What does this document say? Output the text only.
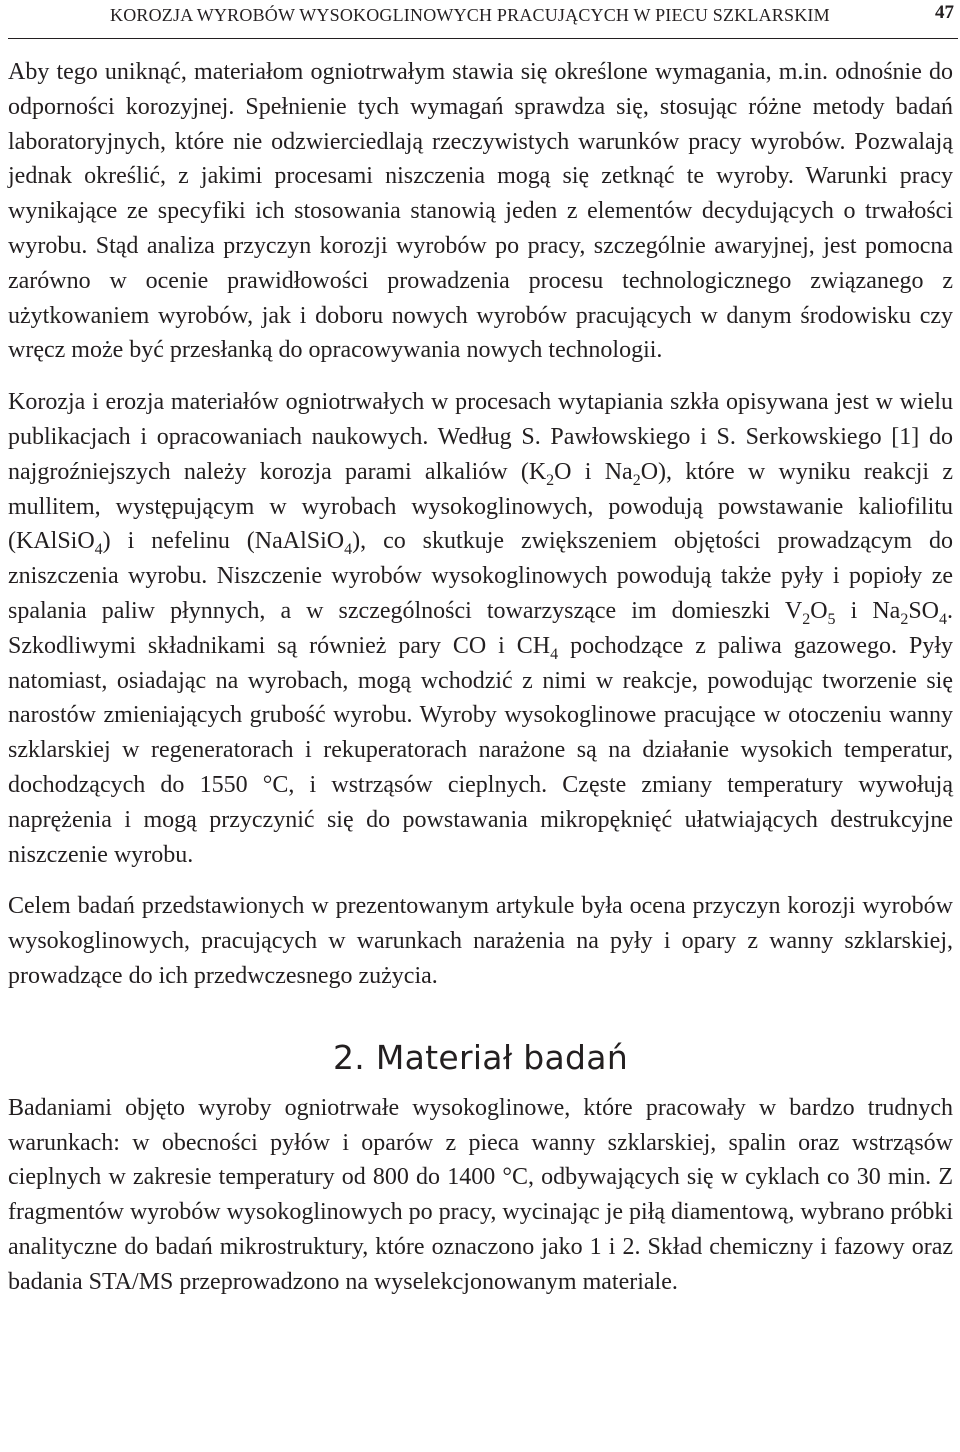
KOROZJA WYROBÓW WYSOKOGLINOWYCH PRACUJĄCYCH W PIECU SZKLARSKIM	47

Aby tego uniknąć, materiałom ogniotrwałym stawia się określone wymagania, m.in. odnośnie do odporności korozyjnej. Spełnienie tych wymagań sprawdza się, stosując różne metody badań laboratoryjnych, które nie odzwierciedlają rzeczywistych warunków pracy wyrobów. Pozwalają jednak określić, z jakimi procesami niszczenia mogą się zetknąć te wyroby. Warunki pracy wynikające ze specyfiki ich stosowania stanowią jeden z elementów decydujących o trwałości wyrobu. Stąd analiza przyczyn korozji wyrobów po pracy, szczególnie awaryjnej, jest pomocna zarówno w ocenie prawidłowości prowadzenia procesu technologicznego związanego z użytkowaniem wyrobów, jak i doboru nowych wyrobów pracujących w danym środowisku czy wręcz może być przesłanką do opracowywania nowych technologii.

Korozja i erozja materiałów ogniotrwałych w procesach wytapiania szkła opisywana jest w wielu publikacjach i opracowaniach naukowych. Według S. Pawłowskiego i S. Serkowskiego [1] do najgroźniejszych należy korozja parami alkaliów ($K_2O$ i $Na_2O$), które w wyniku reakcji z mullitem, występującym w wyrobach wysokoglinowych, powodują powstawanie kaliofilitu (KAlSiO$_4$) i nefelinu (NaAlSiO$_4$), co skutkuje zwiększeniem objętości prowadzącym do zniszczenia wyrobu. Niszczenie wyrobów wysokoglinowych powodują także pyły i popioły ze spalania paliw płynnych, a w szczególności towarzyszące im domieszki $V_2O_5$ i $Na_2SO_4$. Szkodliwymi składnikami są również pary CO i $CH_4$ pochodzące z paliwa gazowego. Pyły natomiast, osiadając na wyrobach, mogą wchodzić z nimi w reakcje, powodując tworzenie się narostów zmieniających grubość wyrobu. Wyroby wysokoglinowe pracujące w otoczeniu wanny szklarskiej w regeneratorach i rekuperatorach narażone są na działanie wysokich temperatur, dochodzących do 1550 °C, i wstrząsów cieplnych. Częste zmiany temperatury wywołują naprężenia i mogą przyczynić się do powstawania mikropęknięć ułatwiających destrukcyjne niszczenie wyrobu.

Celem badań przedstawionych w prezentowanym artykule była ocena przyczyn korozji wyrobów wysokoglinowych, pracujących w warunkach narażenia na pyły i opary z wanny szklarskiej, prowadzące do ich przedwczesnego zużycia.

2. Materiał badań

Badaniami objęto wyroby ogniotrwałe wysokoglinowe, które pracowały w bardzo trudnych warunkach: w obecności pyłów i oparów z pieca wanny szklarskiej, spalin oraz wstrząsów cieplnych w zakresie temperatury od 800 do 1400 °C, odbywających się w cyklach co 30 min. Z fragmentów wyrobów wysokoglinowych po pracy, wycinając je piłą diamentową, wybrano próbki analityczne do badań mikrostruktury, które oznaczono jako 1 i 2. Skład chemiczny i fazowy oraz badania STA/MS przeprowadzono na wyselekcjonowanym materiale.
